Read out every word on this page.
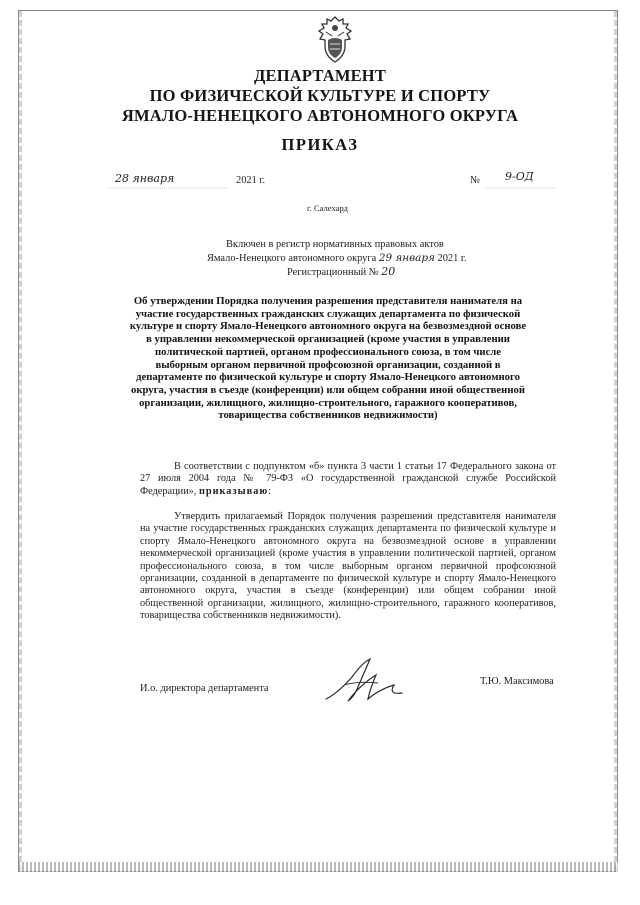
ДЕПАРТАМЕНТ
ПО ФИЗИЧЕСКОЙ КУЛЬТУРЕ И СПОРТУ
ЯМАЛО-НЕНЕЦКОГО АВТОНОМНОГО ОКРУГА
ПРИКАЗ
28 января	2021 г.	№ 9-ОД
г. Салехард
Включен в регистр нормативных правовых актов
Ямало-Ненецкого автономного округа 29 января 2021 г.
Регистрационный № 20
Об утверждении Порядка получения разрешения представителя нанимателя на участие государственных гражданских служащих департамента по физической культуре и спорту Ямало-Ненецкого автономного округа на безвозмездной основе в управлении некоммерческой организацией (кроме участия в управлении политической партией, органом профессионального союза, в том числе выборным органом первичной профсоюзной организации, созданной в департаменте по физической культуре и спорту Ямало-Ненецкого автономного округа, участия в съезде (конференции) или общем собрании иной общественной организации, жилищного, жилищно-строительного, гаражного кооперативов, товарищества собственников недвижимости)
В соответствии с подпунктом «б» пункта 3 части 1 статьи 17 Федерального закона от 27 июля 2004 года № 79-ФЗ «О государственной гражданской службе Российской Федерации», приказываю:
Утвердить прилагаемый Порядок получения разрешения представителя нанимателя на участие государственных гражданских служащих департамента по физической культуре и спорту Ямало-Ненецкого автономного округа на безвозмездной основе в управлении некоммерческой организацией (кроме участия в управлении политической партией, органом профессионального союза, в том числе выборным органом первичной профсоюзной организации, созданной в департаменте по физической культуре и спорту Ямало-Ненецкого автономного округа, участия в съезде (конференции) или общем собрании иной общественной организации, жилищного, жилищно-строительного, гаражного кооперативов, товарищества собственников недвижимости).
И.о. директора департамента
Т.Ю. Максимова
